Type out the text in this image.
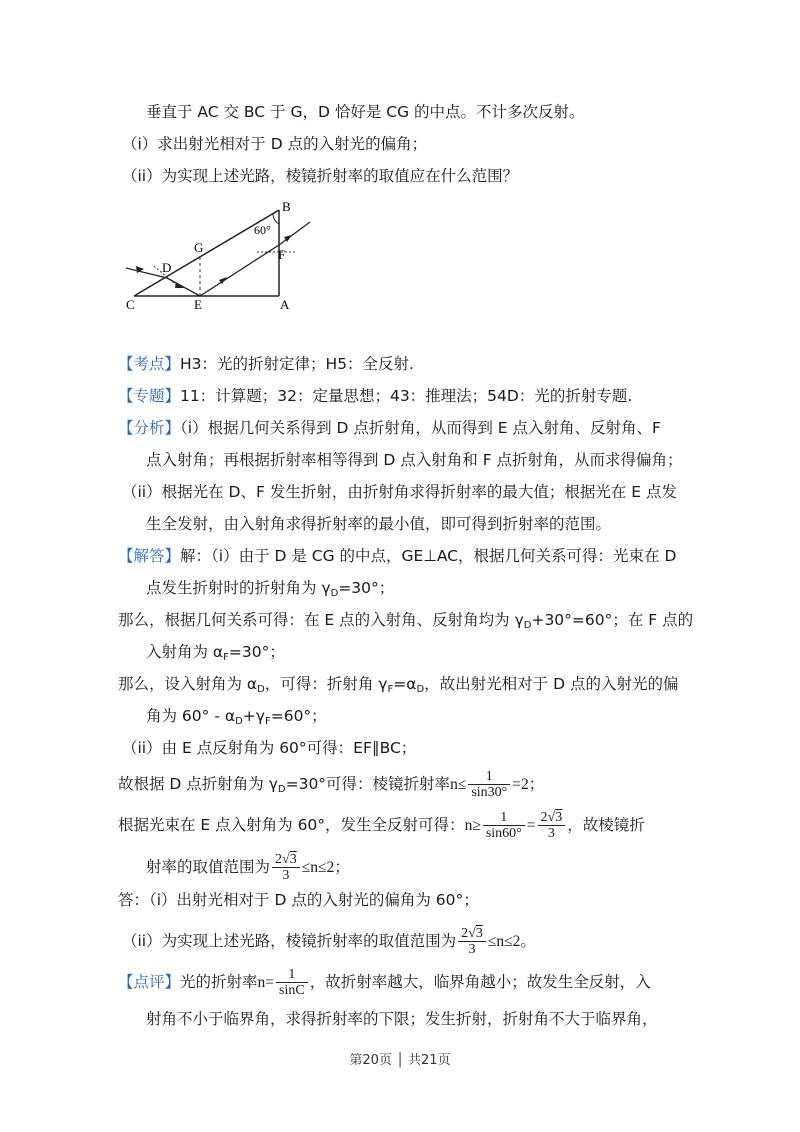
垂直于 AC 交 BC 于 G，D 恰好是 CG 的中点。不计多次反射。
（i）求出射光相对于 D 点的入射光的偏角；
（ii）为实现上述光路，棱镜折射率的取值应在什么范围？
B
60°
G
D
F
C	E	A
【考点】H3：光的折射定律；H5：全反射.
【专题】11：计算题；32：定量思想；43：推理法；54D：光的折射专题.
【分析】（i）根据几何关系得到 D 点折射角，从而得到 E 点入射角、反射角、F
点入射角；再根据折射率相等得到 D 点入射角和 F 点折射角，从而求得偏角；
（ii）根据光在 D、F 发生折射，由折射角求得折射率的最大值；根据光在 E 点发
生全发射，由入射角求得折射率的最小值，即可得到折射率的范围。
【解答】解：（i）由于 D 是 CG 的中点，GE⊥AC，根据几何关系可得：光束在 D
点发生折射时的折射角为 $\gamma_D=30^\circ$；
那么，根据几何关系可得：在 E 点的入射角、反射角均为 $\gamma_D+30^\circ=60^\circ$；在 F 点的
入射角为 $\alpha_F=30^\circ$；
那么，设入射角为 $\alpha_D$，可得：折射角 $\gamma_F=\alpha_D$，故出射光相对于 D 点的入射光的偏
角为 $60^\circ - \alpha_D+\gamma_F=60^\circ$；
（ii）由 E 点反射角为 60°可得：EF∥BC；
故根据 D 点折射角为 $\gamma_D=30^\circ$可得：棱镜折射率$n\le \frac{1}{\sin 30^\circ} =2$；
根据光束在 E 点入射角为 60°，发生全反射可得：$n\ge \frac{1}{\sin 60^\circ} = \frac{2√3}{3}$ ，故棱镜折
射率的取值范围为 $\frac{2√3}{3} \le n\le 2$；
答：（i）出射光相对于 D 点的入射光的偏角为 60°；
（ii）为实现上述光路，棱镜折射率的取值范围为 $\frac{2√3}{3} \le n\le 2$。
【点评】光的折射率$n= \frac{1}{\sin C}$ ，故折射率越大，临界角越小；故发生全反射，入
射角不小于临界角，求得折射率的下限；发生折射，折射角不大于临界角，
第20页 │ 共21页
